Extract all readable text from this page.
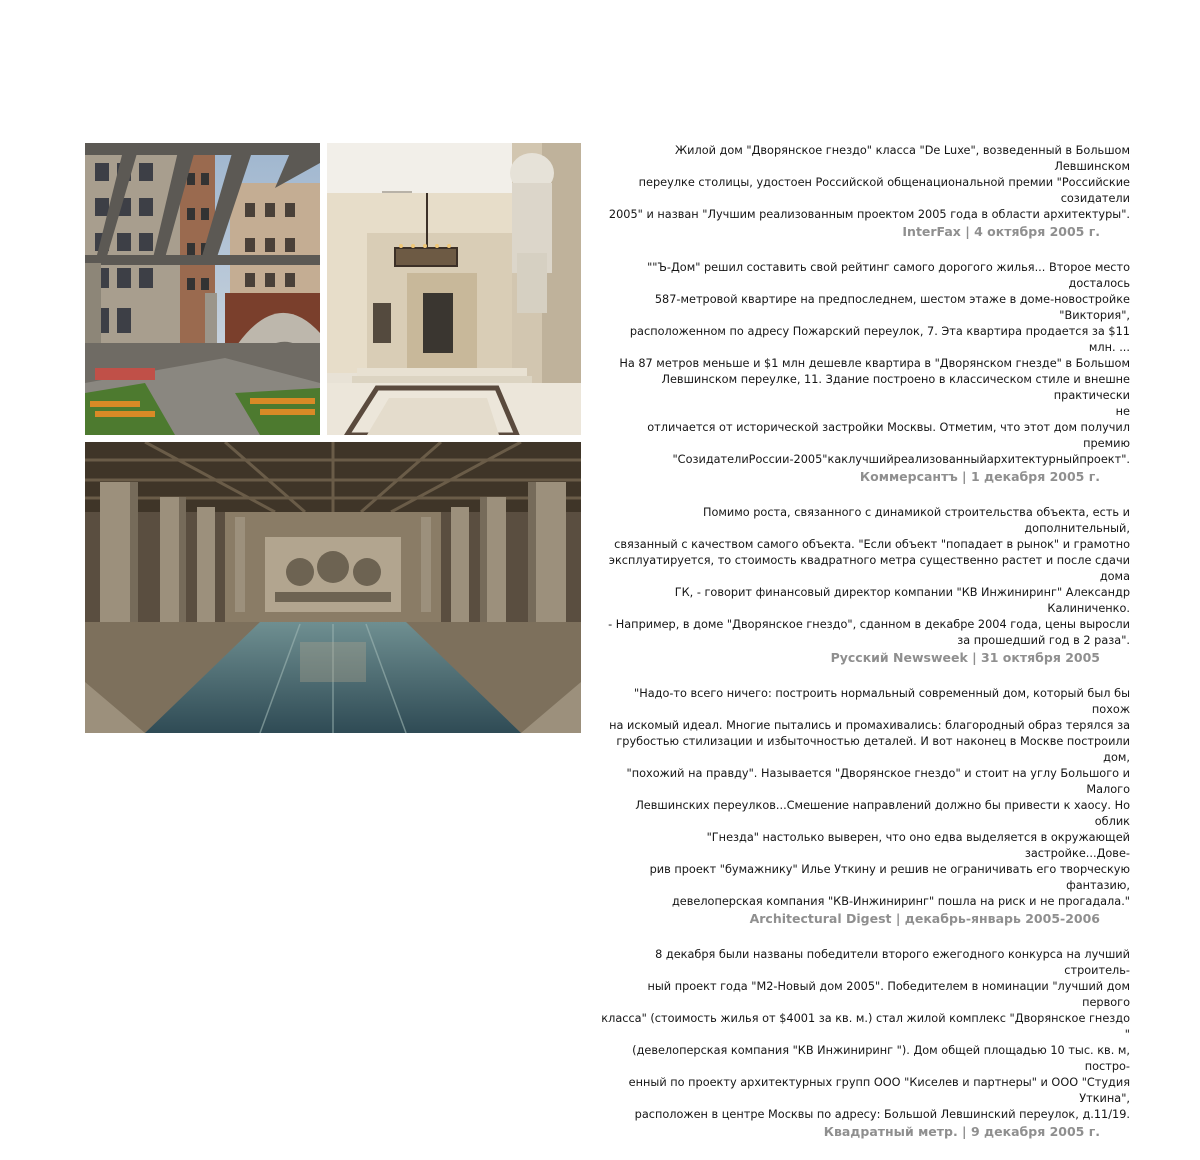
Жилой дом "Дворянское гнездо" класса "De Luxe", возведенный в Большом Левшинском
переулке столицы, удостоен Российской общенациональной премии "Российские
созидатели
2005" и назван "Лучшим реализованным проектом 2005 года в области архитектуры".

InterFax | 4 октября 2005 г.

""Ъ-Дом" решил составить свой рейтинг самого дорогого жилья... Второе место досталось
587-метровой квартире на предпоследнем, шестом этаже в доме-новостройке "Виктория",
расположенном по адресу Пожарский переулок, 7. Эта квартира продается за $11 млн. ...
На 87 метров меньше и $1 млн дешевле квартира в "Дворянском гнезде" в Большом
Левшинском переулке, 11. Здание построено в классическом стиле и внешне практически
не
отличается от исторической застройки Москвы. Отметим, что этот дом получил премию
"СозидателиРоссии-2005"каклучшийреализованныйархитектурныйпроект".

Коммерсантъ | 1 декабря 2005 г.

Помимо роста, связанного с динамикой строительства объекта, есть и дополнительный,
связанный с качеством самого объекта. "Если объект "попадает в рынок" и грамотно
эксплуатируется, то стоимость квадратного метра существенно растет и после сдачи дома
ГК, - говорит финансовый директор компании "КВ Инжиниринг" Александр Калиниченко.
- Например, в доме "Дворянское гнездо", сданном в декабре 2004 года, цены выросли
за прошедший год в 2 раза".

Русский Newsweek | 31 октября 2005

"Надо-то всего ничего: построить нормальный современный дом, который был бы похож
на искомый идеал. Многие пытались и промахивались: благородный образ терялся за
грубостью стилизации и избыточностью деталей. И вот наконец в Москве построили дом,
"похожий на правду". Называется "Дворянское гнездо" и стоит на углу Большого и Малого
Левшинских переулков...Смешение направлений должно бы привести к хаосу. Но облик
"Гнезда" настолько выверен, что оно едва выделяется в окружающей застройке...Дове-
рив проект "бумажнику" Илье Уткину и решив не ограничивать его творческую фантазию,
девелоперская компания "КВ-Инжиниринг" пошла на риск и не прогадала."

Architectural Digest | декабрь-январь 2005-2006

8 декабря были названы победители второго ежегодного конкурса на лучший строитель-
ный проект года "М2-Новый дом 2005". Победителем в номинации "лучший дом первого
класса" (стоимость жилья от $4001 за кв. м.) стал жилой комплекс "Дворянское гнездо "
(девелоперская компания "КВ Инжиниринг "). Дом общей площадью 10 тыс. кв. м, постро-
енный по проекту архитектурных групп ООО "Киселев и партнеры" и ООО "Студия Уткина",
расположен в центре Москвы по адресу: Большой Левшинский переулок, д.11/19.

Квадратный метр. | 9 декабря 2005 г.
